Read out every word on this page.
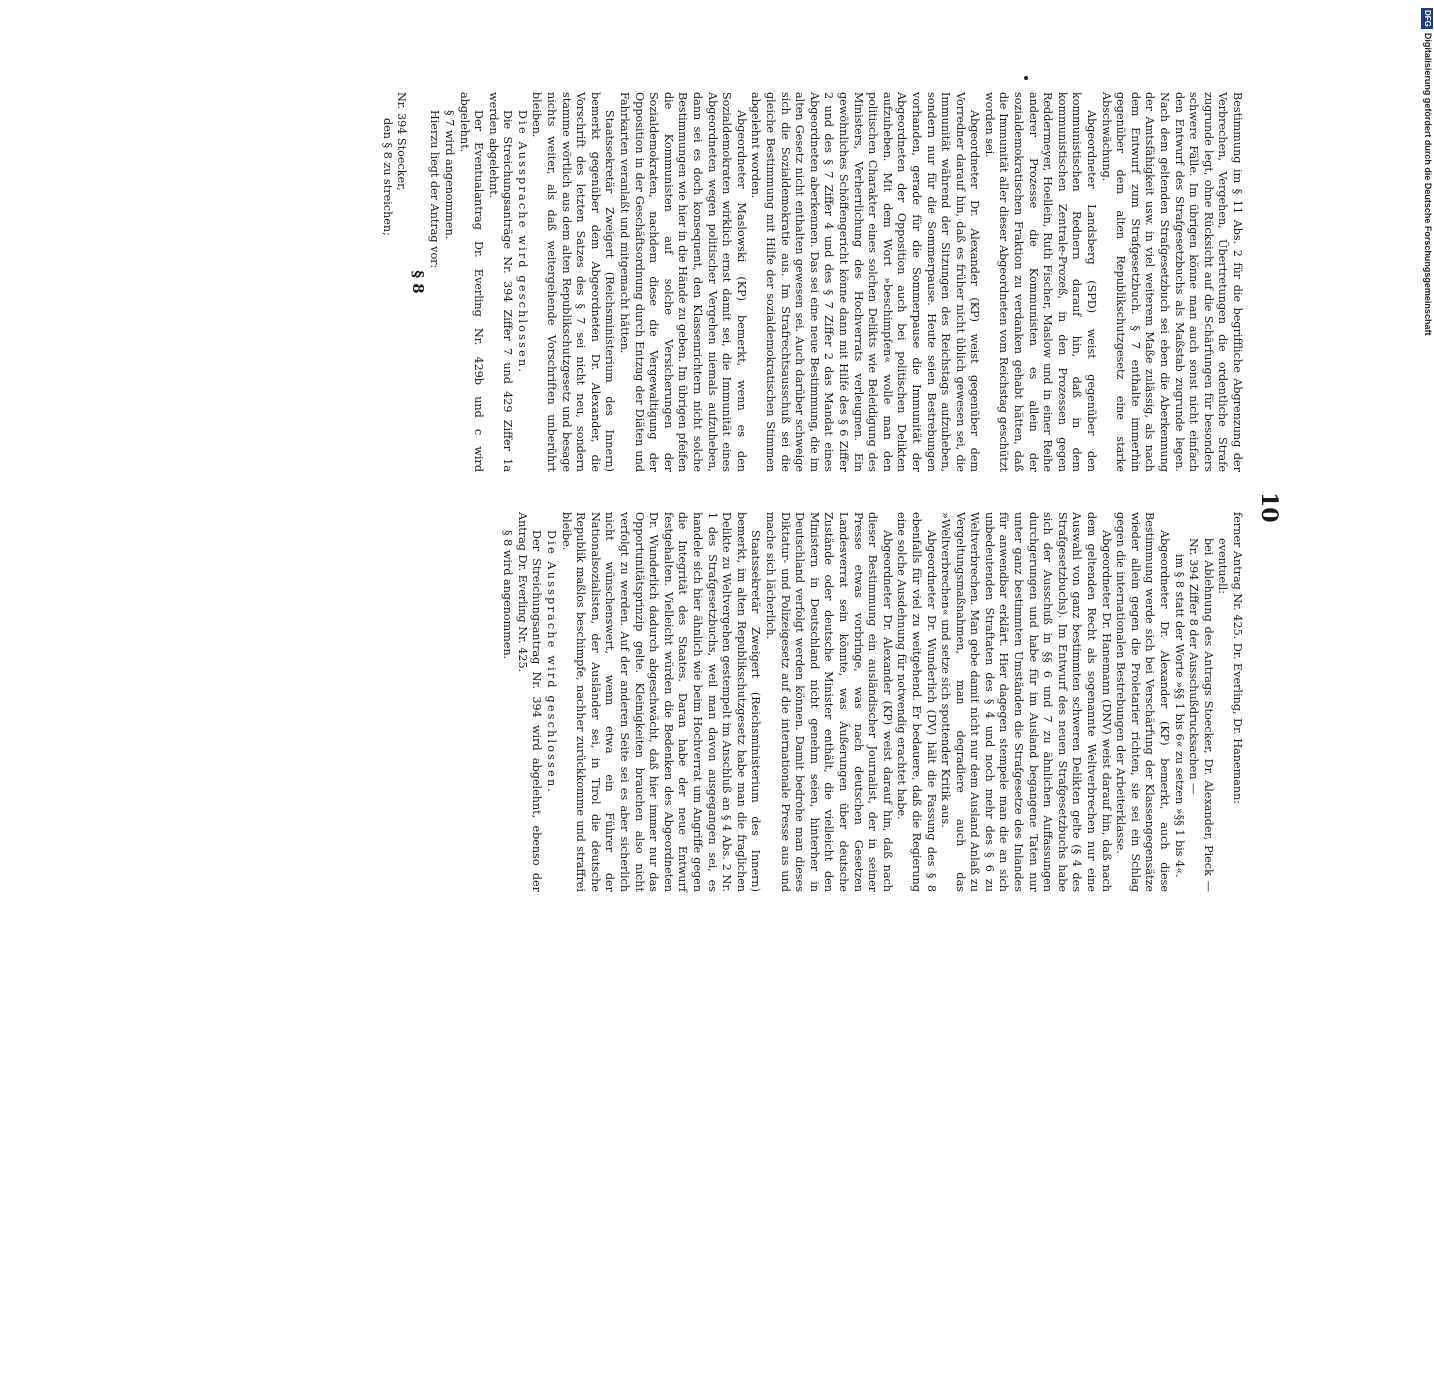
10

Bestimmung im § 11 Abs. 2 für die begriffliche Abgrenzung der Verbrechen, Vergehen, Übertretungen die ordentliche Strafe zugrunde legt, ohne Rücksicht auf die Schärfungen für besonders schwere Fälle. Im übrigen könne man auch sonst nicht einfach den Entwurf des Strafgesetzbuchs als Maßstab zugrunde legen. Nach dem geltenden Strafgesetzbuch sei eben die Aberkennung der Amtsfähigkeit usw. in viel weiterem Maße zulässig, als nach dem Entwurf zum Strafgesetzbuch. § 7 enthalte immerhin gegenüber dem alten Republikschutzgesetz eine starke Abschwächung.

Abgeordneter Landsberg (SPD) weist gegenüber den kommunistischen Rednern darauf hin, daß in dem kommunistischen Zentrale-Prozeß, in den Prozessen gegen Reddermeyer, Hoellein, Ruth Fischer, Maslow und in einer Reihe anderer Prozesse die Kommunisten es allein der sozialdemokratischen Fraktion zu verdanken gehabt hätten, daß die Immunität aller dieser Abgeordneten vom Reichstag geschützt worden sei.

Abgeordneter Dr. Alexander (KP) weist gegenüber dem Vorredner darauf hin, daß es früher nicht üblich gewesen sei, die Immunität während der Sitzungen des Reichstags aufzuheben, sondern nur für die Sommerpause. Heute seien Bestrebungen vorhanden, gerade für die Sommerpause die Immunität der Abgeordneten der Opposition auch bei politischen Delikten aufzuheben. Mit dem Wort »beschimpfen« wolle man den politischen Charakter eines solchen Delikts wie Beleidigung des Ministers, Verherrlichung des Hochverrats verleugnen. Ein gewöhnliches Schöffengericht könne dann mit Hilfe des § 6 Ziffer 2 und des § 7 Ziffer 4 und des § 7 Ziffer 2 das Mandat eines Abgeordneten aberkennen. Das sei eine neue Bestimmung, die im alten Gesetz nicht enthalten gewesen sei. Auch darüber schweige sich die Sozialdemokratie aus. Im Strafrechtsausschuß sei die gleiche Bestimmung mit Hilfe der sozialdemokratischen Stimmen abgelehnt worden.

Abgeordneter Maslowski (KP) bemerkt, wenn es den Sozialdemokraten wirklich ernst damit sei, die Immunität eines Abgeordneten wegen politischer Vergehen niemals aufzuheben, dann sei es doch konsequent, den Klassenrichtern nicht solche Bestimmungen wie hier in die Hände zu geben. Im übrigen pfeifen die Kommunisten auf solche Versicherungen der Sozialdemokraten, nachdem diese die Vergewaltigung der Opposition in der Geschäftsordnung durch Entzug der Diäten und Fahrkarten veranlaßt und mitgemacht hätten.

Staatssekretär Zweigert (Reichsministerium des Innern) bemerkt gegenüber dem Abgeordneten Dr. Alexander, die Vorschrift des letzten Satzes des § 7 sei nicht neu, sondern stamme wörtlich aus dem alten Republikschutzgesetz und besage nichts weiter, als daß weitergehende Vorschriften unberührt bleiben.

Die Aussprache wird geschlossen.

Die Streichungsanträge Nr. 394 Ziffer 7 und 429 Ziffer 1a werden abgelehnt.

Der Eventualantrag Dr. Everling Nr. 429b und c wird abgelehnt.

§ 7 wird angenommen.

Hierzu liegt der Antrag vor:

§ 8

Nr. 394 Stoecker,

den § 8 zu streichen;

ferner Antrag Nr. 425. Dr. Everling, Dr. Hanemann:

eventuell:

bei Ablehnung des Antrags Stoecker, Dr. Alexander, Pieck — Nr. 394 Ziffer 8 der Ausschußdrucksachen —

im § 8 statt der Worte »§§ 1 bis 6« zu setzen »§§ 1 bis 4«.

Abgeordneter Dr. Alexander (KP) bemerkt, auch diese Bestimmung werde sich bei Verschärfung der Klassengegensätze wieder allein gegen die Proletarier richten, sie sei ein Schlag gegen die internationalen Bestrebungen der Arbeiterklasse.

Abgeordneter Dr. Hanemann (DNV) weist darauf hin, daß nach dem geltenden Recht als sogenannte Weltverbrechen nur eine Auswahl von ganz bestimmten schweren Delikten gelte (§ 4 des Strafgesetzbuchs). Im Entwurf des neuen Strafgesetzbuchs habe sich der Ausschuß in §§ 6 und 7 zu ähnlichen Auffassungen durchgerungen und habe für im Ausland begangene Taten nur unter ganz bestimmten Umständen die Strafgesetze des Inlandes für anwendbar erklärt. Hier dagegen stempele man die an sich unbedeutenden Straftaten des § 4 und noch mehr des § 6 zu Weltverbrechen. Man gebe damit nicht nur dem Ausland Anlaß zu Vergeltungsmaßnahmen, man degradiere auch das »Weltverbrechen« und setze sich spottender Kritik aus.

Abgeordneter Dr. Wunderlich (DV) hält die Fassung des § 8 ebenfalls für viel zu weitgehend. Er bedauere, daß die Regierung eine solche Ausdehnung für notwendig erachtet habe.

Abgeordneter Dr. Alexander (KP) weist darauf hin, daß nach dieser Bestimmung ein ausländischer Journalist, der in seiner Presse etwas vorbringe, was nach deutschen Gesetzen Landesverrat sein könnte, was Äußerungen über deutsche Zustände oder deutsche Minister enthält, die vielleicht den Ministern in Deutschland nicht genehm seien, hinterher in Deutschland verfolgt werden können. Damit bedrohe man dieses Diktatur- und Polizeigesetz auf die internationale Presse aus und mache sich lächerlich.

Staatssekretär Zweigert (Reichsministerium des Innern) bemerkt, im alten Republikschutzgesetz habe man die fraglichen Delikte zu Weltvergehen gestempelt im Anschluß an § 4 Abs. 2 Nr. 1 des Strafgesetzbuchs, weil man davon ausgegangen sei, es handele sich hier ähnlich wie beim Hochverrat um Angriffe gegen die Integrität des Staates. Daran habe der neue Entwurf festgehalten. Vielleicht würden die Bedenken des Abgeordneten Dr. Wunderlich dadurch abgeschwächt, daß hier immer nur das Opportunitätsprinzip gelte. Kleinigkeiten brauchen also nicht verfolgt zu werden. Auf der anderen Seite sei es aber sicherlich nicht wünschenswert, wenn etwa ein Führer der Nationalsozialisten, der Ausländer sei, in Tirol die deutsche Republik maßlos beschimpfe, nachher zurückkomme und straffrei bleibe.

Die Aussprache wird geschlossen.

Der Streichungsantrag Nr. 394 wird abgelehnt, ebenso der Antrag Dr. Everling Nr. 425.

§ 8 wird angenommen.

DFGDigitalisierung gefördert durch die Deutsche Forschungsgemeinschaft
